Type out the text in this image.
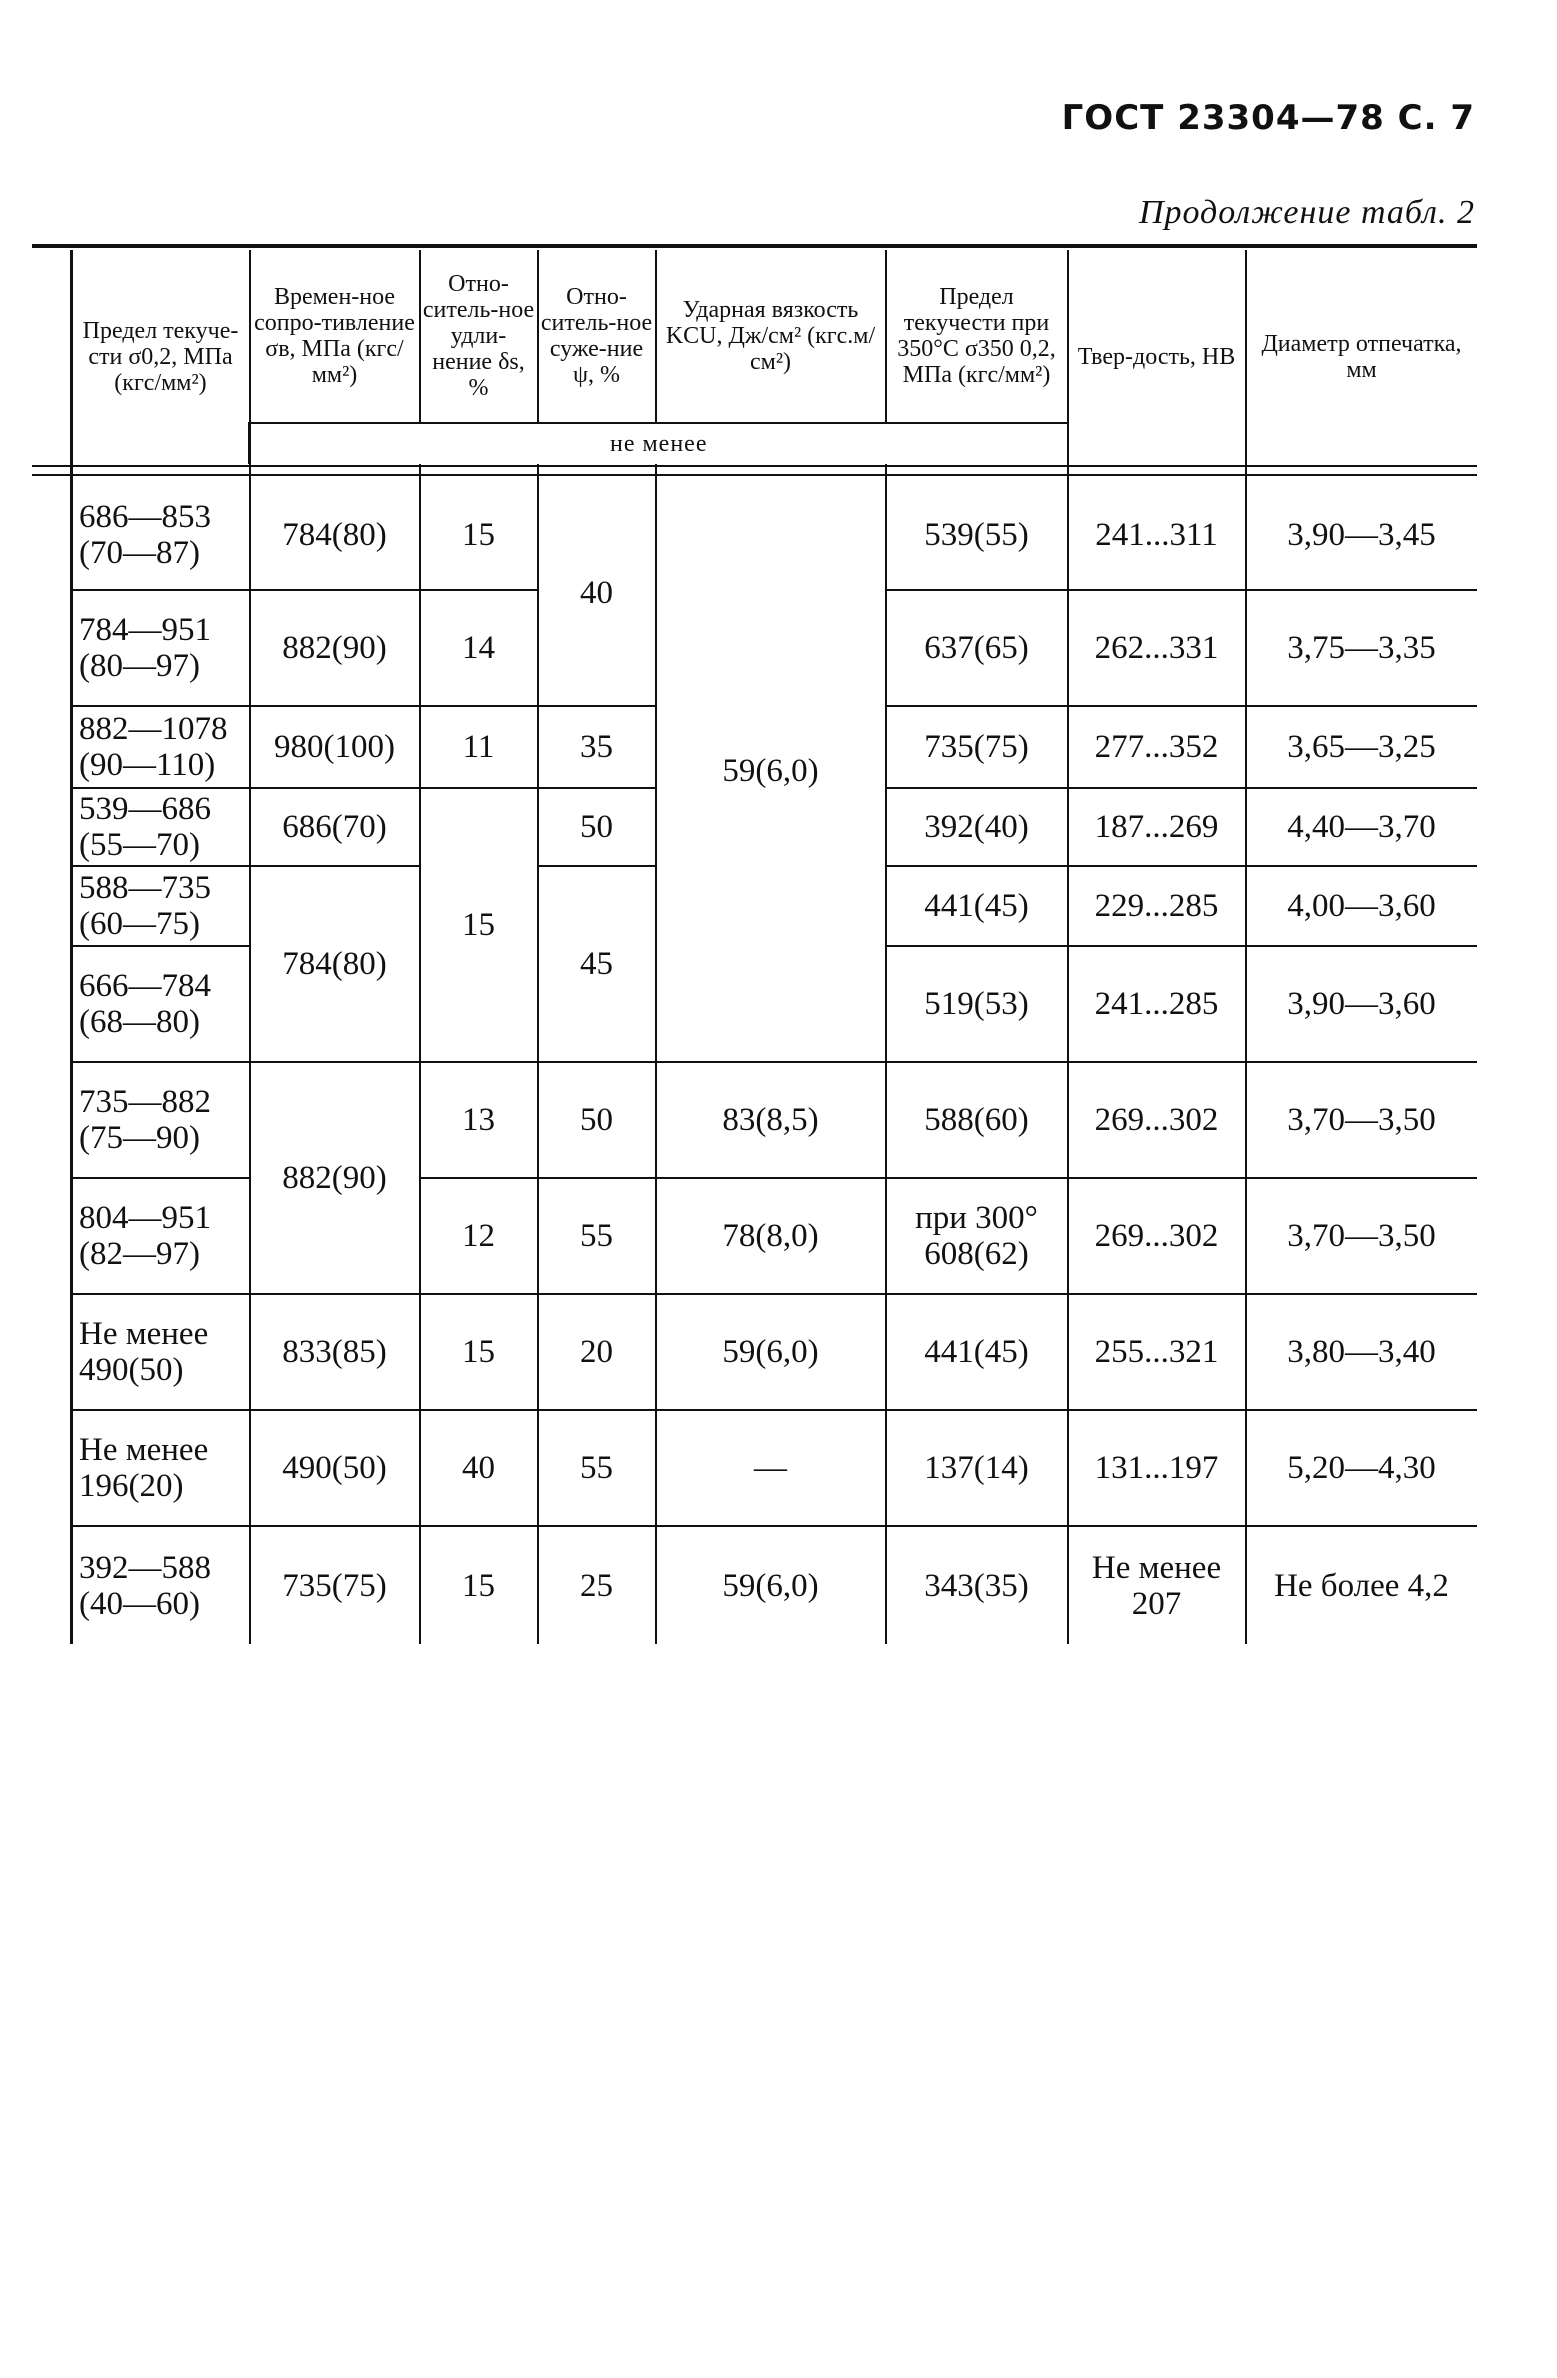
ГОСТ 23304—78 С. 7
Продолжение табл. 2
Предел текуче-сти σ0,2, МПа (кгс/мм²)	Времен-ное сопро-тивление σв, МПа (кгс/мм²)	Отно-ситель-ное удли-нение δs, %	Отно-ситель-ное суже-ние ψ, %	Ударная вязкость KCU, Дж/см² (кгс.м/см²)	Предел текучести при 350°С σ350 0,2, МПа (кгс/мм²)	Твер-дость, НВ	Диаметр отпечатка, мм
	не менее						

686—853 (70—87)	784(80)	15	40	59(6,0)	539(55)	241...311	3,90—3,45
784—951 (80—97)	882(90)	14			637(65)	262...331	3,75—3,35
882—1078 (90—110)	980(100)	11	35		735(75)	277...352	3,65—3,25
539—686 (55—70)	686(70)	15	50		392(40)	187...269	4,40—3,70
588—735 (60—75)	784(80)		45		441(45)	229...285	4,00—3,60
666—784 (68—80)					519(53)	241...285	3,90—3,60
735—882 (75—90)	882(90)	13	50	83(8,5)	588(60)	269...302	3,70—3,50
804—951 (82—97)		12	55	78(8,0)	при 300° 608(62)	269...302	3,70—3,50
Не менее 490(50)	833(85)	15	20	59(6,0)	441(45)	255...321	3,80—3,40
Не менее 196(20)	490(50)	40	55	—	137(14)	131...197	5,20—4,30
392—588 (40—60)	735(75)	15	25	59(6,0)	343(35)	Не менее 207	Не более 4,2
